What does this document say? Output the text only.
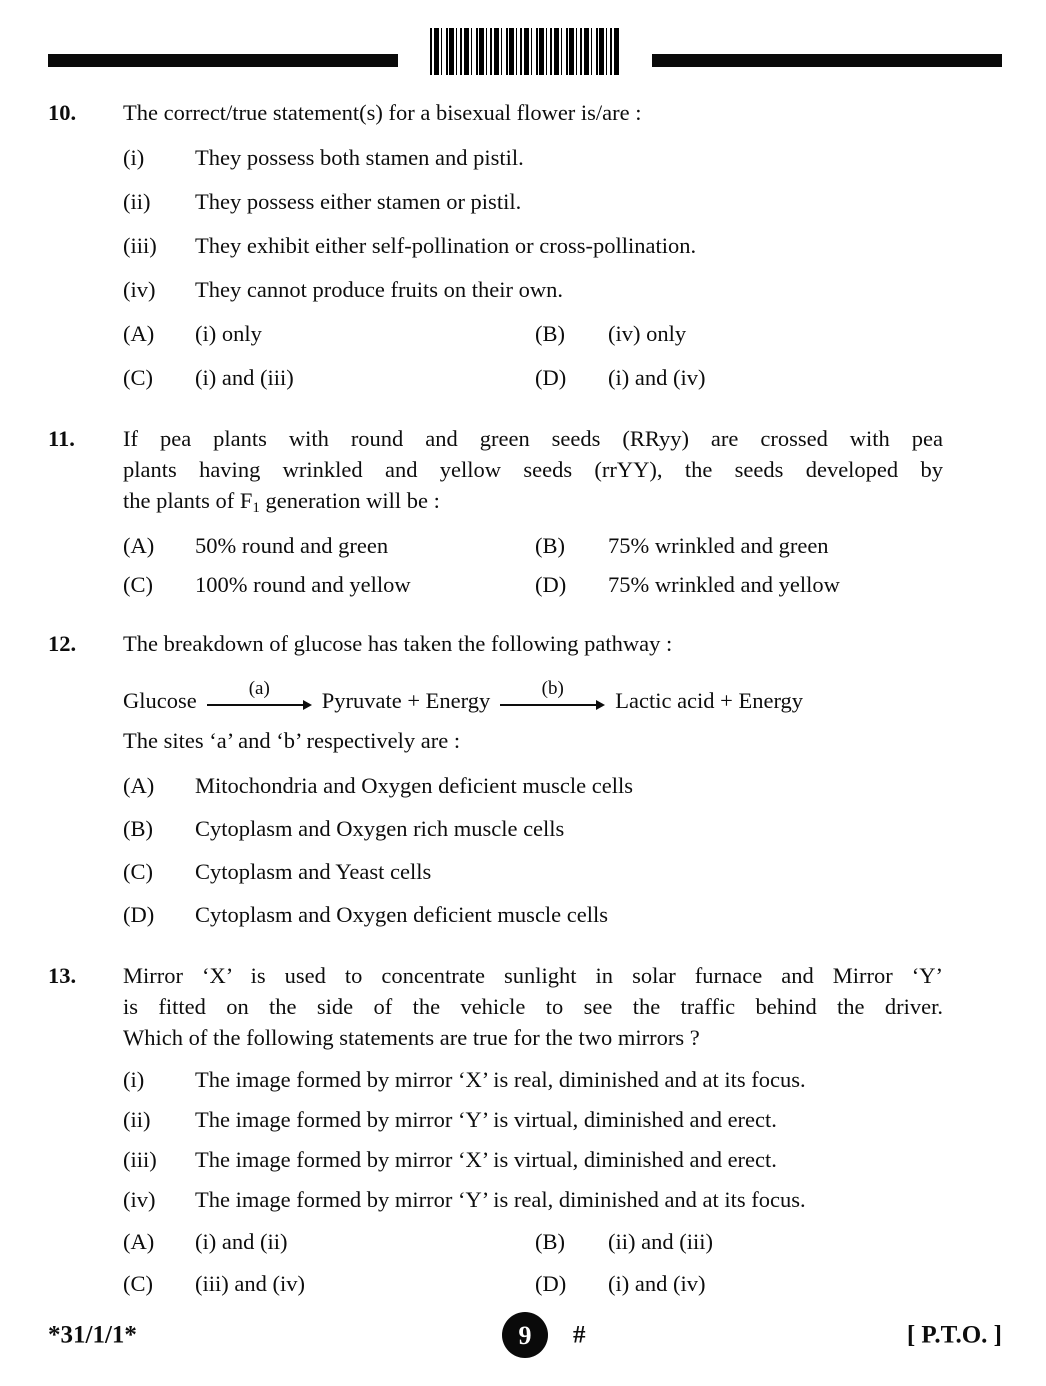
10.	The correct/true statement(s) for a bisexual flower is/are :

(i)	They possess both stamen and pistil.
(ii)	They possess either stamen or pistil.
(iii)	They exhibit either self-pollination or cross-pollination.
(iv)	They cannot produce fruits on their own.
(A)	(i) only	(B)	(iv) only
(C)	(i) and (iii)	(D)	(i) and (iv)
11.	If pea plants with round and green seeds (RRyy) are crossed with pea
plants having wrinkled and yellow seeds (rrYY), the seeds developed by
the plants of $F_1$ generation will be :

(A)	50% round and green	(B)	75% wrinkled and green
(C)	100% round and yellow	(D)	75% wrinkled and yellow
12.	The breakdown of glucose has taken the following pathway :

Glucose	(a) Pyruvate + Energy	(b) Lactic acid + Energy

The sites ‘a’ and ‘b’ respectively are :

(A)	Mitochondria and Oxygen deficient muscle cells
(B)	Cytoplasm and Oxygen rich muscle cells
(C)	Cytoplasm and Yeast cells
(D)	Cytoplasm and Oxygen deficient muscle cells
13.	Mirror ‘X’ is used to concentrate sunlight in solar furnace and Mirror ‘Y’
is fitted on the side of the vehicle to see the traffic behind the driver.
Which of the following statements are true for the two mirrors ?

(i)	The image formed by mirror ‘X’ is real, diminished and at its focus.
(ii)	The image formed by mirror ‘Y’ is virtual, diminished and erect.
(iii)	The image formed by mirror ‘X’ is virtual, diminished and erect.
(iv)	The image formed by mirror ‘Y’ is real, diminished and at its focus.
(A)	(i) and (ii)	(B)	(ii) and (iii)
(C)	(iii) and (iv)	(D)	(i) and (iv)
*31/1/1*	9 #	[ P.T.O. ]
